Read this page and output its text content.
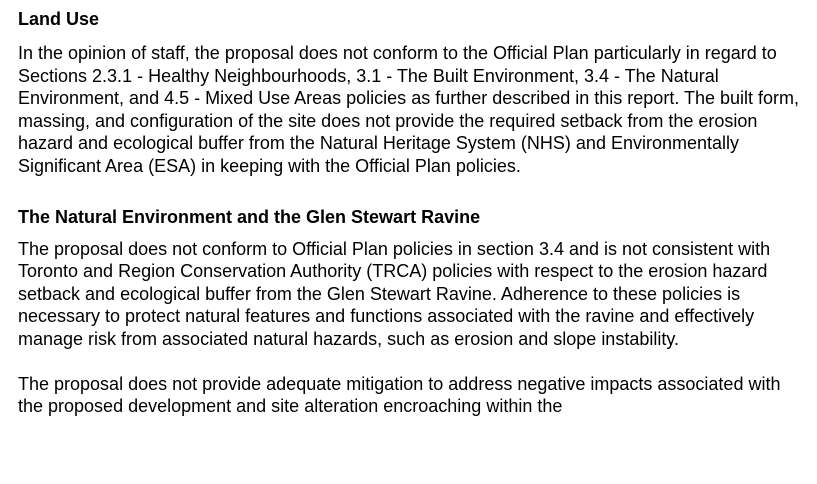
Land Use

In the opinion of staff, the proposal does not conform to the Official Plan particularly in regard to Sections 2.3.1 - Healthy Neighbourhoods, 3.1 - The Built Environment, 3.4 - The Natural Environment, and 4.5 - Mixed Use Areas policies as further described in this report. The built form, massing, and configuration of the site does not provide the required setback from the erosion hazard and ecological buffer from the Natural Heritage System (NHS) and Environmentally Significant Area (ESA) in keeping with the Official Plan policies.

The Natural Environment and the Glen Stewart Ravine

The proposal does not conform to Official Plan policies in section 3.4 and is not consistent with Toronto and Region Conservation Authority (TRCA) policies with respect to the erosion hazard setback and ecological buffer from the Glen Stewart Ravine. Adherence to these policies is necessary to protect natural features and functions associated with the ravine and effectively manage risk from associated natural hazards, such as erosion and slope instability.

The proposal does not provide adequate mitigation to address negative impacts associated with the proposed development and site alteration encroaching within the
